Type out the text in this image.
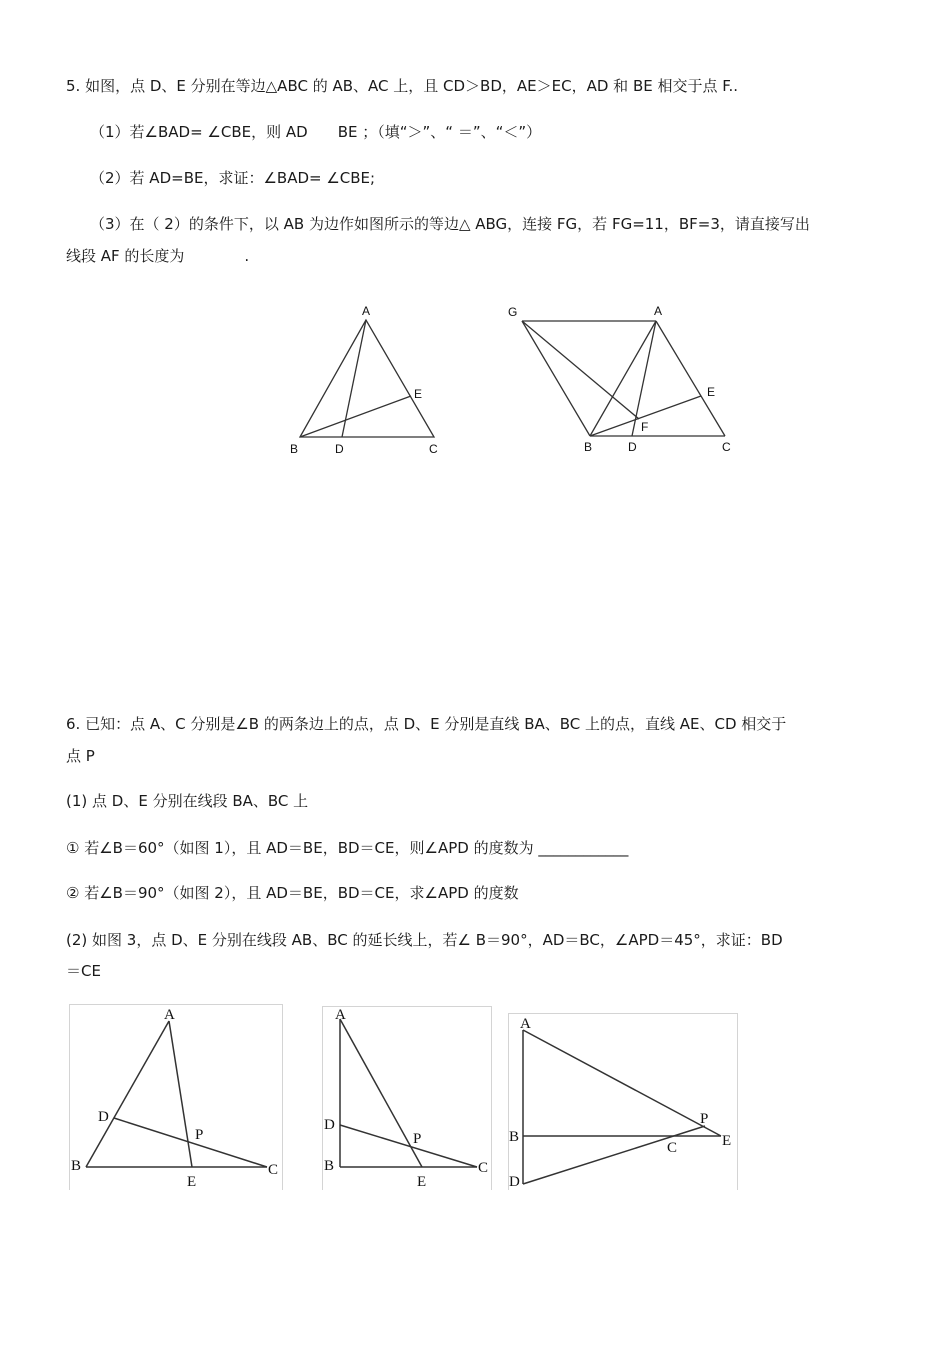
5. 如图，点 D、E 分别在等边△ABC 的 AB、AC 上，且 CD＞BD，AE＞EC，AD 和 BE 相交于点 F..
（1）若∠BAD= ∠CBE，则 AD　　BE ；（填“＞”、“ ＝”、“＜”）
（2）若 AD=BE，求证：∠BAD= ∠CBE;
（3）在（ 2）的条件下，以 AB 为边作如图所示的等边△ ABG，连接 FG，若 FG=11，BF=3，请直接写出
线段 AF 的长度为　　　　.
A
B	D	C
E
G	A
B	D
F
C
E
6. 已知：点 A、C 分别是∠B 的两条边上的点，点 D、E 分别是直线 BA、BC 上的点，直线 AE、CD 相交于
点 P
(1) 点 D、E 分别在线段 BA、BC 上
① 若∠B＝60°（如图 1），且 AD＝BE，BD＝CE，则∠APD 的度数为 ____________
② 若∠B＝90°（如图 2），且 AD＝BE，BD＝CE，求∠APD 的度数
(2) 如图 3，点 D、E 分别在线段 AB、BC 的延长线上，若∠ B＝90°，AD＝BC，∠APD＝45°，求证：BD
＝CE
A
D
P
B	C
E
A
D
P
B	C
E
A
P
B
C	E
D
